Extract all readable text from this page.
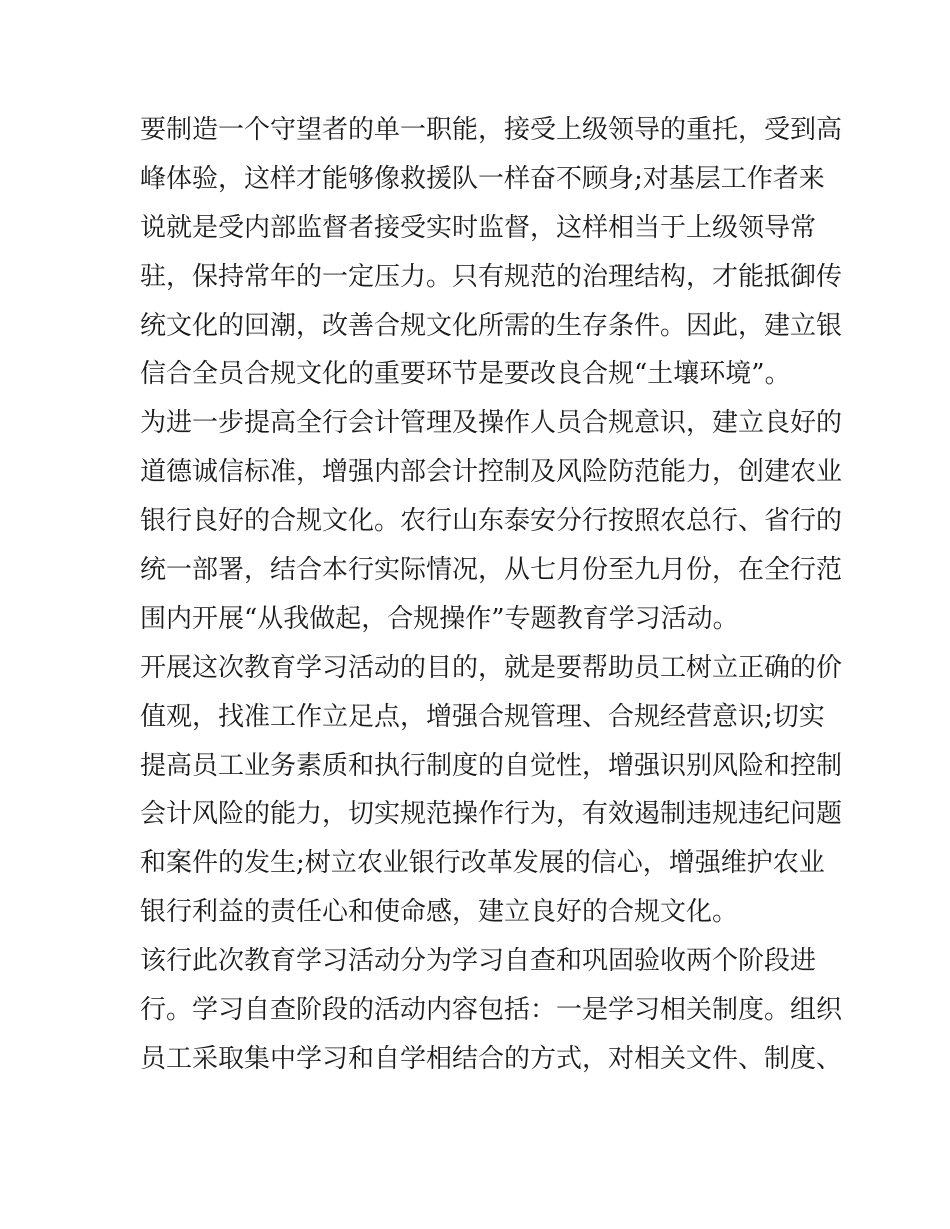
要制造一个守望者的单一职能，接受上级领导的重托，受到高
峰体验，这样才能够像救援队一样奋不顾身;对基层工作者来
说就是受内部监督者接受实时监督，这样相当于上级领导常
驻，保持常年的一定压力。只有规范的治理结构，才能抵御传
统文化的回潮，改善合规文化所需的生存条件。因此，建立银
信合全员合规文化的重要环节是要改良合规“土壤环境”。
为进一步提高全行会计管理及操作人员合规意识，建立良好的
道德诚信标准，增强内部会计控制及风险防范能力，创建农业
银行良好的合规文化。农行山东泰安分行按照农总行、省行的
统一部署，结合本行实际情况，从七月份至九月份，在全行范
围内开展“从我做起，合规操作”专题教育学习活动。
开展这次教育学习活动的目的，就是要帮助员工树立正确的价
值观，找准工作立足点，增强合规管理、合规经营意识;切实
提高员工业务素质和执行制度的自觉性，增强识别风险和控制
会计风险的能力，切实规范操作行为，有效遏制违规违纪问题
和案件的发生;树立农业银行改革发展的信心，增强维护农业
银行利益的责任心和使命感，建立良好的合规文化。
该行此次教育学习活动分为学习自查和巩固验收两个阶段进
行。学习自查阶段的活动内容包括：一是学习相关制度。组织
员工采取集中学习和自学相结合的方式，对相关文件、制度、
